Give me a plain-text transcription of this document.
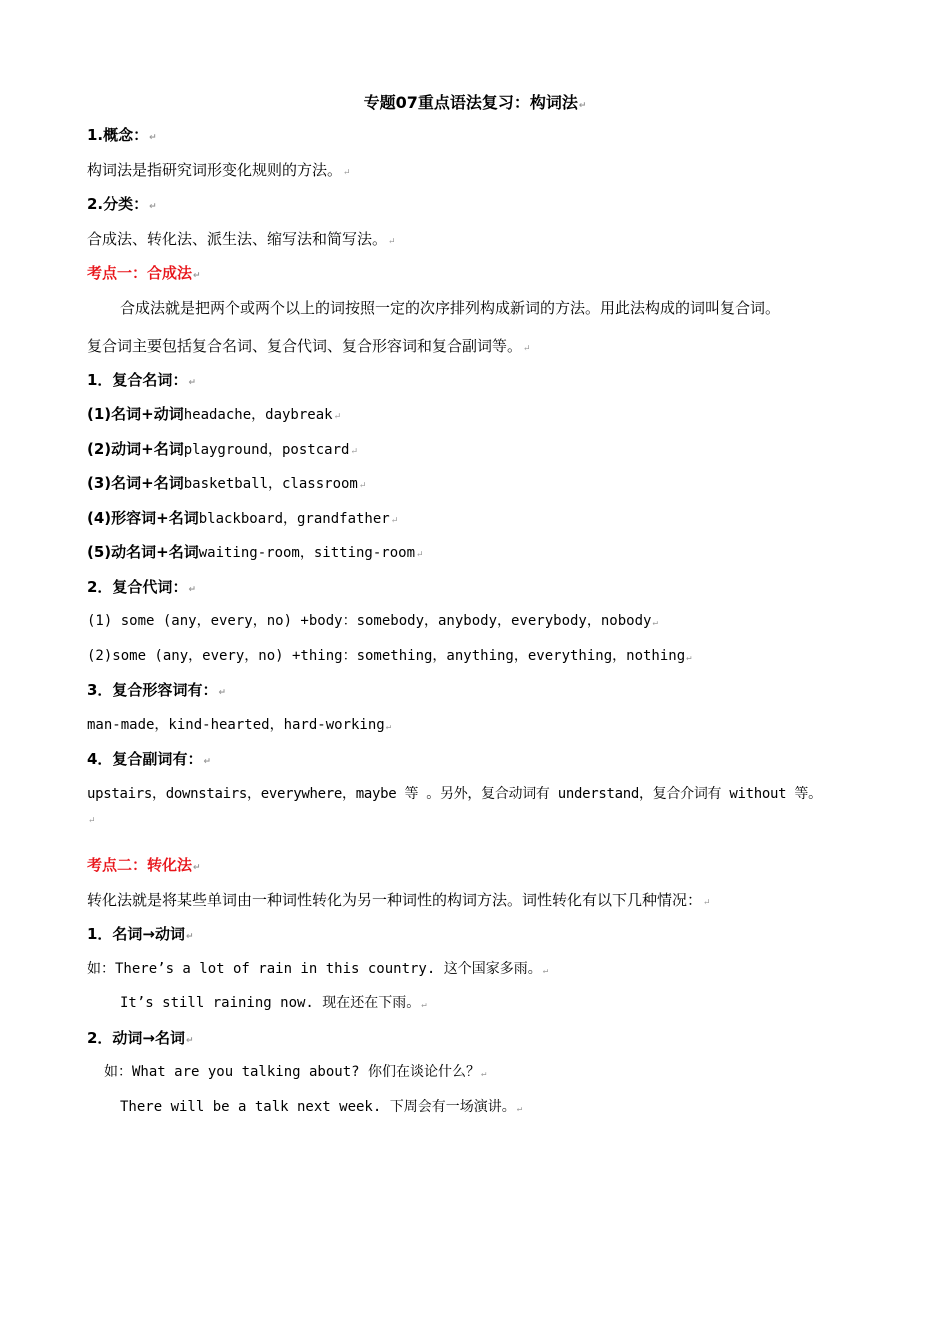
专题07重点语法复习：构词法↵
1.概念：↵
构词法是指研究词形变化规则的方法。↵
2.分类：↵
合成法、转化法、派生法、缩写法和简写法。↵
考点一：合成法↵
合成法就是把两个或两个以上的词按照一定的次序排列构成新词的方法。用此法构成的词叫复合词。
复合词主要包括复合名词、复合代词、复合形容词和复合副词等。↵
1．复合名词：↵
(1)名词+动词headache，daybreak↵
(2)动词+名词playground，postcard↵
(3)名词+名词basketball，classroom↵
(4)形容词+名词blackboard，grandfather↵
(5)动名词+名词waiting-room，sitting-room↵
2．复合代词：↵
(1) some (any，every，no) +body：somebody，anybody，everybody，nobody↵
(2)some (any，every，no) +thing：something，anything，everything，nothing↵
3．复合形容词有：↵
man-made，kind-hearted，hard-working↵
4．复合副词有：↵
upstairs，downstairs，everywhere，maybe 等 。另外，复合动词有 understand，复合介词有 without 等。
↵
考点二：转化法↵
转化法就是将某些单词由一种词性转化为另一种词性的构词方法。词性转化有以下几种情况：↵
1．名词→动词↵
如：There’s a lot of rain in this country. 这个国家多雨。↵
It’s still raining now. 现在还在下雨。↵
2．动词→名词↵
如：What are you talking about? 你们在谈论什么？↵
There will be a talk next week. 下周会有一场演讲。↵
